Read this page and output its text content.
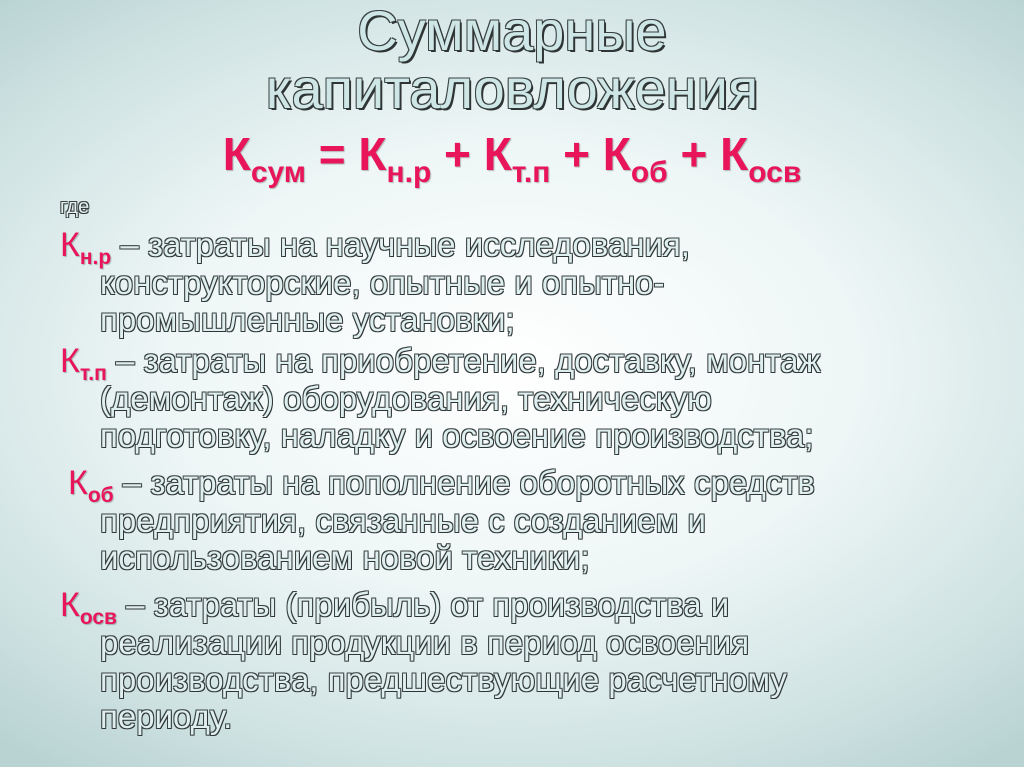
Суммарные
капиталовложения
$К_{сум} = К_{н.р} + К_{т.п} + К_{об} + К_{осв}$
где
$К_{н.р}$ – затраты на научные исследования,
конструкторские, опытные и опытно-
промышленные установки;
$К_{т.п}$ – затраты на приобретение, доставку, монтаж
(демонтаж) оборудования, техническую
подготовку, наладку и освоение производства;
$К_{об}$ – затраты на пополнение оборотных средств
предприятия, связанные с созданием и
использованием новой техники;
$К_{осв}$ – затраты (прибыль) от производства и
реализации продукции в период освоения
производства, предшествующие расчетному
периоду.
